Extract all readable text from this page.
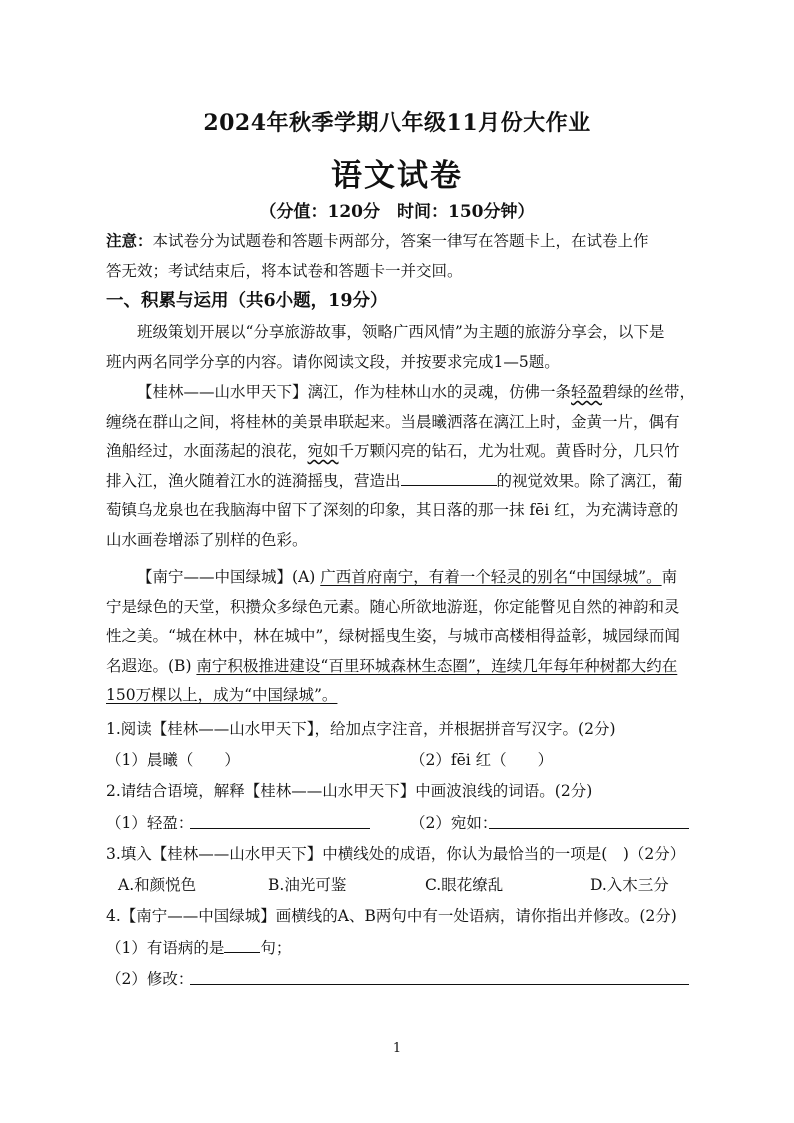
2024年秋季学期八年级11月份大作业
语文试卷
（分值：120分　时间：150分钟）
注意：本试卷分为试题卷和答题卡两部分，答案一律写在答题卡上，在试卷上作
答无效；考试结束后，将本试卷和答题卡一并交回。
一、积累与运用（共6小题，19分）
班级策划开展以“分享旅游故事，领略广西风情”为主题的旅游分享会，以下是
班内两名同学分享的内容。请你阅读文段，并按要求完成1—5题。
【桂林——山水甲天下】漓江，作为桂林山水的灵魂，仿佛一条轻盈碧绿的丝带，
缠绕在群山之间，将桂林的美景串联起来。当晨曦洒落在漓江上时，金黄一片，偶有
渔船经过，水面荡起的浪花，宛如千万颗闪亮的钻石，尤为壮观。黄昏时分，几只竹
排入江，渔火随着江水的涟漪摇曳，营造出	的视觉效果。除了漓江，葡
萄镇乌龙泉也在我脑海中留下了深刻的印象，其日落的那一抹 fēi 红，为充满诗意的
山水画卷增添了别样的色彩。
【南宁——中国绿城】(A) 广西首府南宁，有着一个轻灵的别名“中国绿城”。南
宁是绿色的天堂，积攒众多绿色元素。随心所欲地游逛，你定能瞥见自然的神韵和灵
性之美。“城在林中，林在城中”，绿树摇曳生姿，与城市高楼相得益彰，城园绿而闻
名遐迩。(B) 南宁积极推进建设“百里环城森林生态圈”，连续几年每年种树都大约在
150万棵以上，成为“中国绿城”。
1.阅读【桂林——山水甲天下】，给加点字注音，并根据拼音写汉字。(2分)
（1）晨曦（　　）	（2）fēi 红（　　）
2.请结合语境，解释【桂林——山水甲天下】中画波浪线的词语。(2分)
（1）轻盈：	（2）宛如：
3.填入【桂林——山水甲天下】中横线处的成语，你认为最恰当的一项是(　)（2分）
A.和颜悦色	B.油光可鉴	C.眼花缭乱	D.入木三分
4.【南宁——中国绿城】画横线的A、B两句中有一处语病，请你指出并修改。(2分)
（1）有语病的是 句；
（2）修改：
1
